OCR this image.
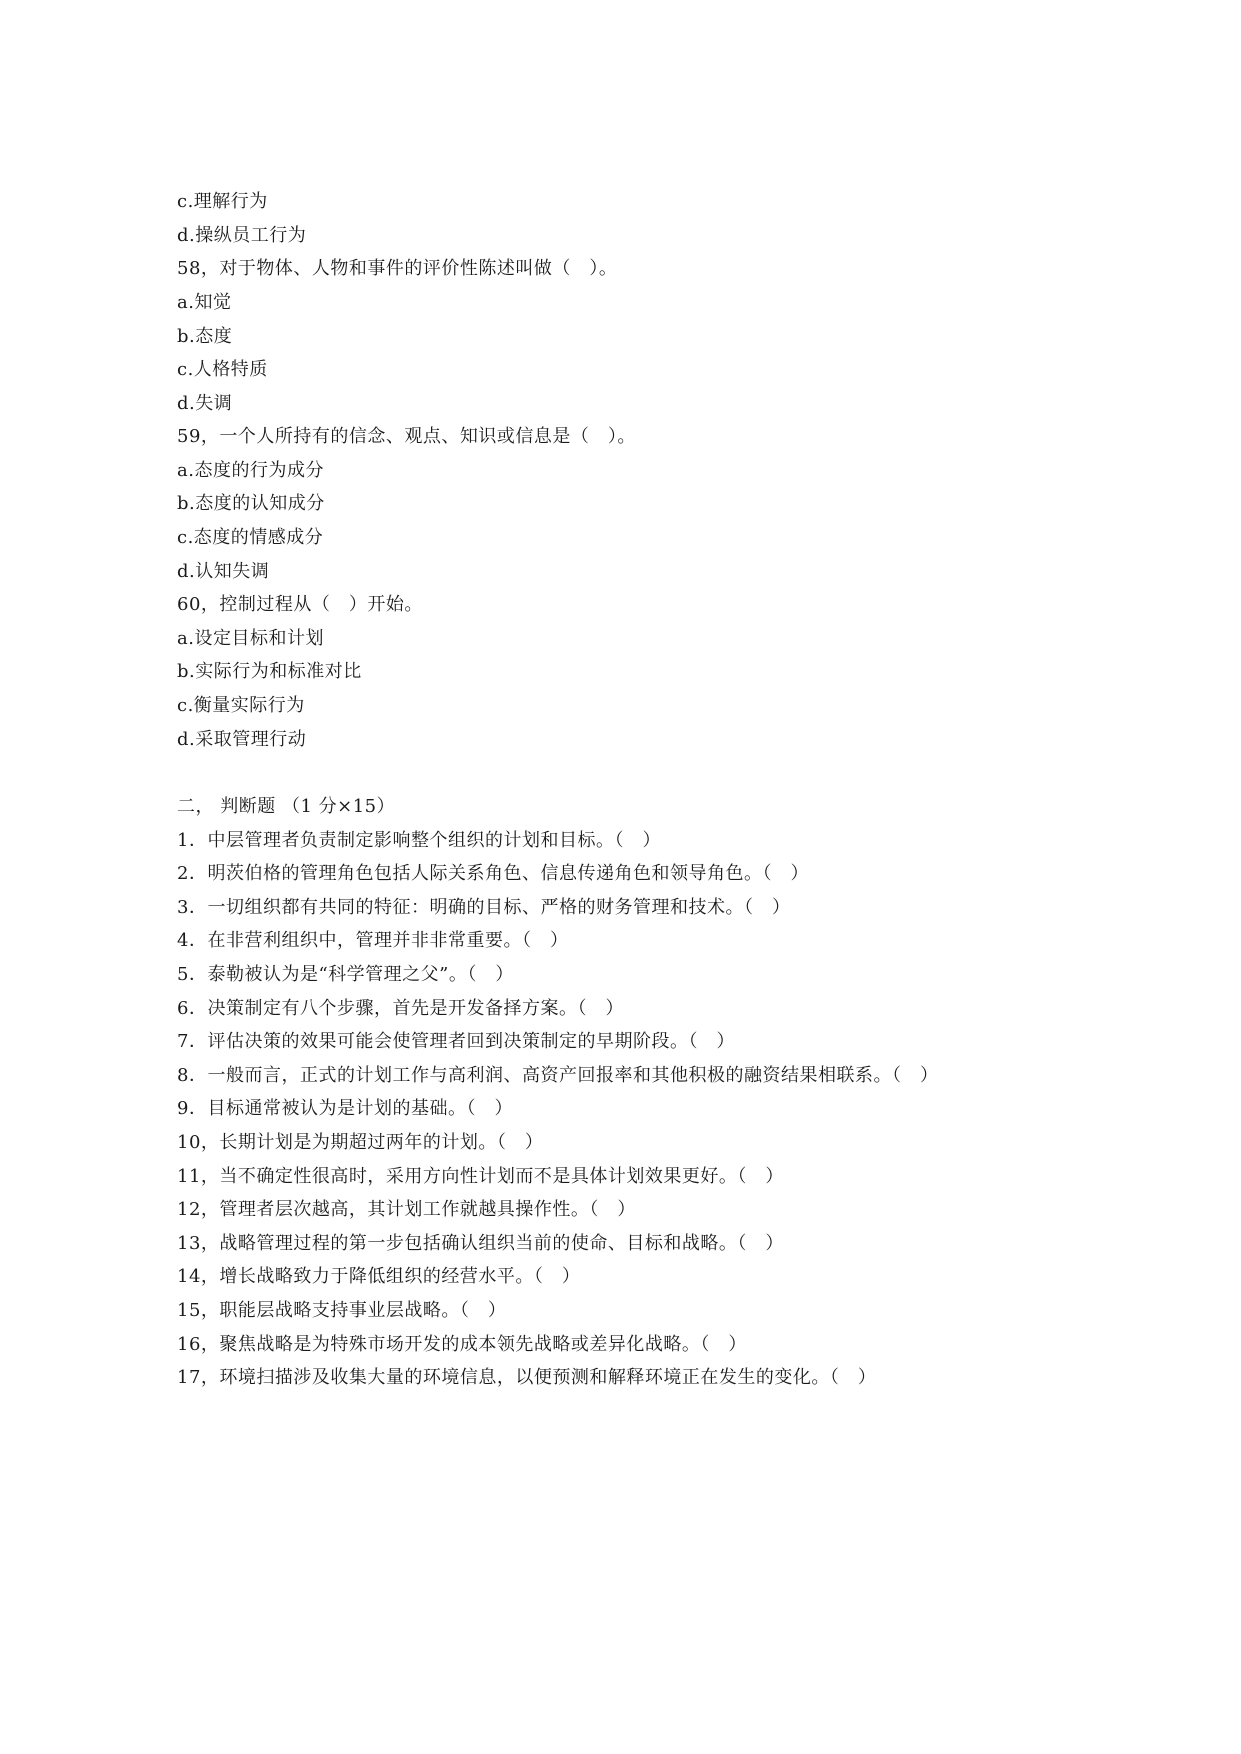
c.理解行为
d.操纵员工行为
58，对于物体、人物和事件的评价性陈述叫做（　）。
a.知觉
b.态度
c.人格特质
d.失调
59，一个人所持有的信念、观点、知识或信息是（　）。
a.态度的行为成分
b.态度的认知成分
c.态度的情感成分
d.认知失调
60，控制过程从（　）开始。
a.设定目标和计划
b.实际行为和标准对比
c.衡量实际行为
d.采取管理行动
二， 判断题 （1 分×15）
1．中层管理者负责制定影响整个组织的计划和目标。（　）
2．明茨伯格的管理角色包括人际关系角色、信息传递角色和领导角色。（　）
3．一切组织都有共同的特征：明确的目标、严格的财务管理和技术。（　）
4．在非营利组织中，管理并非非常重要。（　）
5．泰勒被认为是“科学管理之父”。（　）
6．决策制定有八个步骤，首先是开发备择方案。（　）
7．评估决策的效果可能会使管理者回到决策制定的早期阶段。（　）
8．一般而言，正式的计划工作与高利润、高资产回报率和其他积极的融资结果相联系。（　）
9．目标通常被认为是计划的基础。（　）
10，长期计划是为期超过两年的计划。（　）
11，当不确定性很高时，采用方向性计划而不是具体计划效果更好。（　）
12，管理者层次越高，其计划工作就越具操作性。（　）
13，战略管理过程的第一步包括确认组织当前的使命、目标和战略。（　）
14，增长战略致力于降低组织的经营水平。（　）
15，职能层战略支持事业层战略。（　）
16，聚焦战略是为特殊市场开发的成本领先战略或差异化战略。（　）
17，环境扫描涉及收集大量的环境信息，以便预测和解释环境正在发生的变化。（　）
